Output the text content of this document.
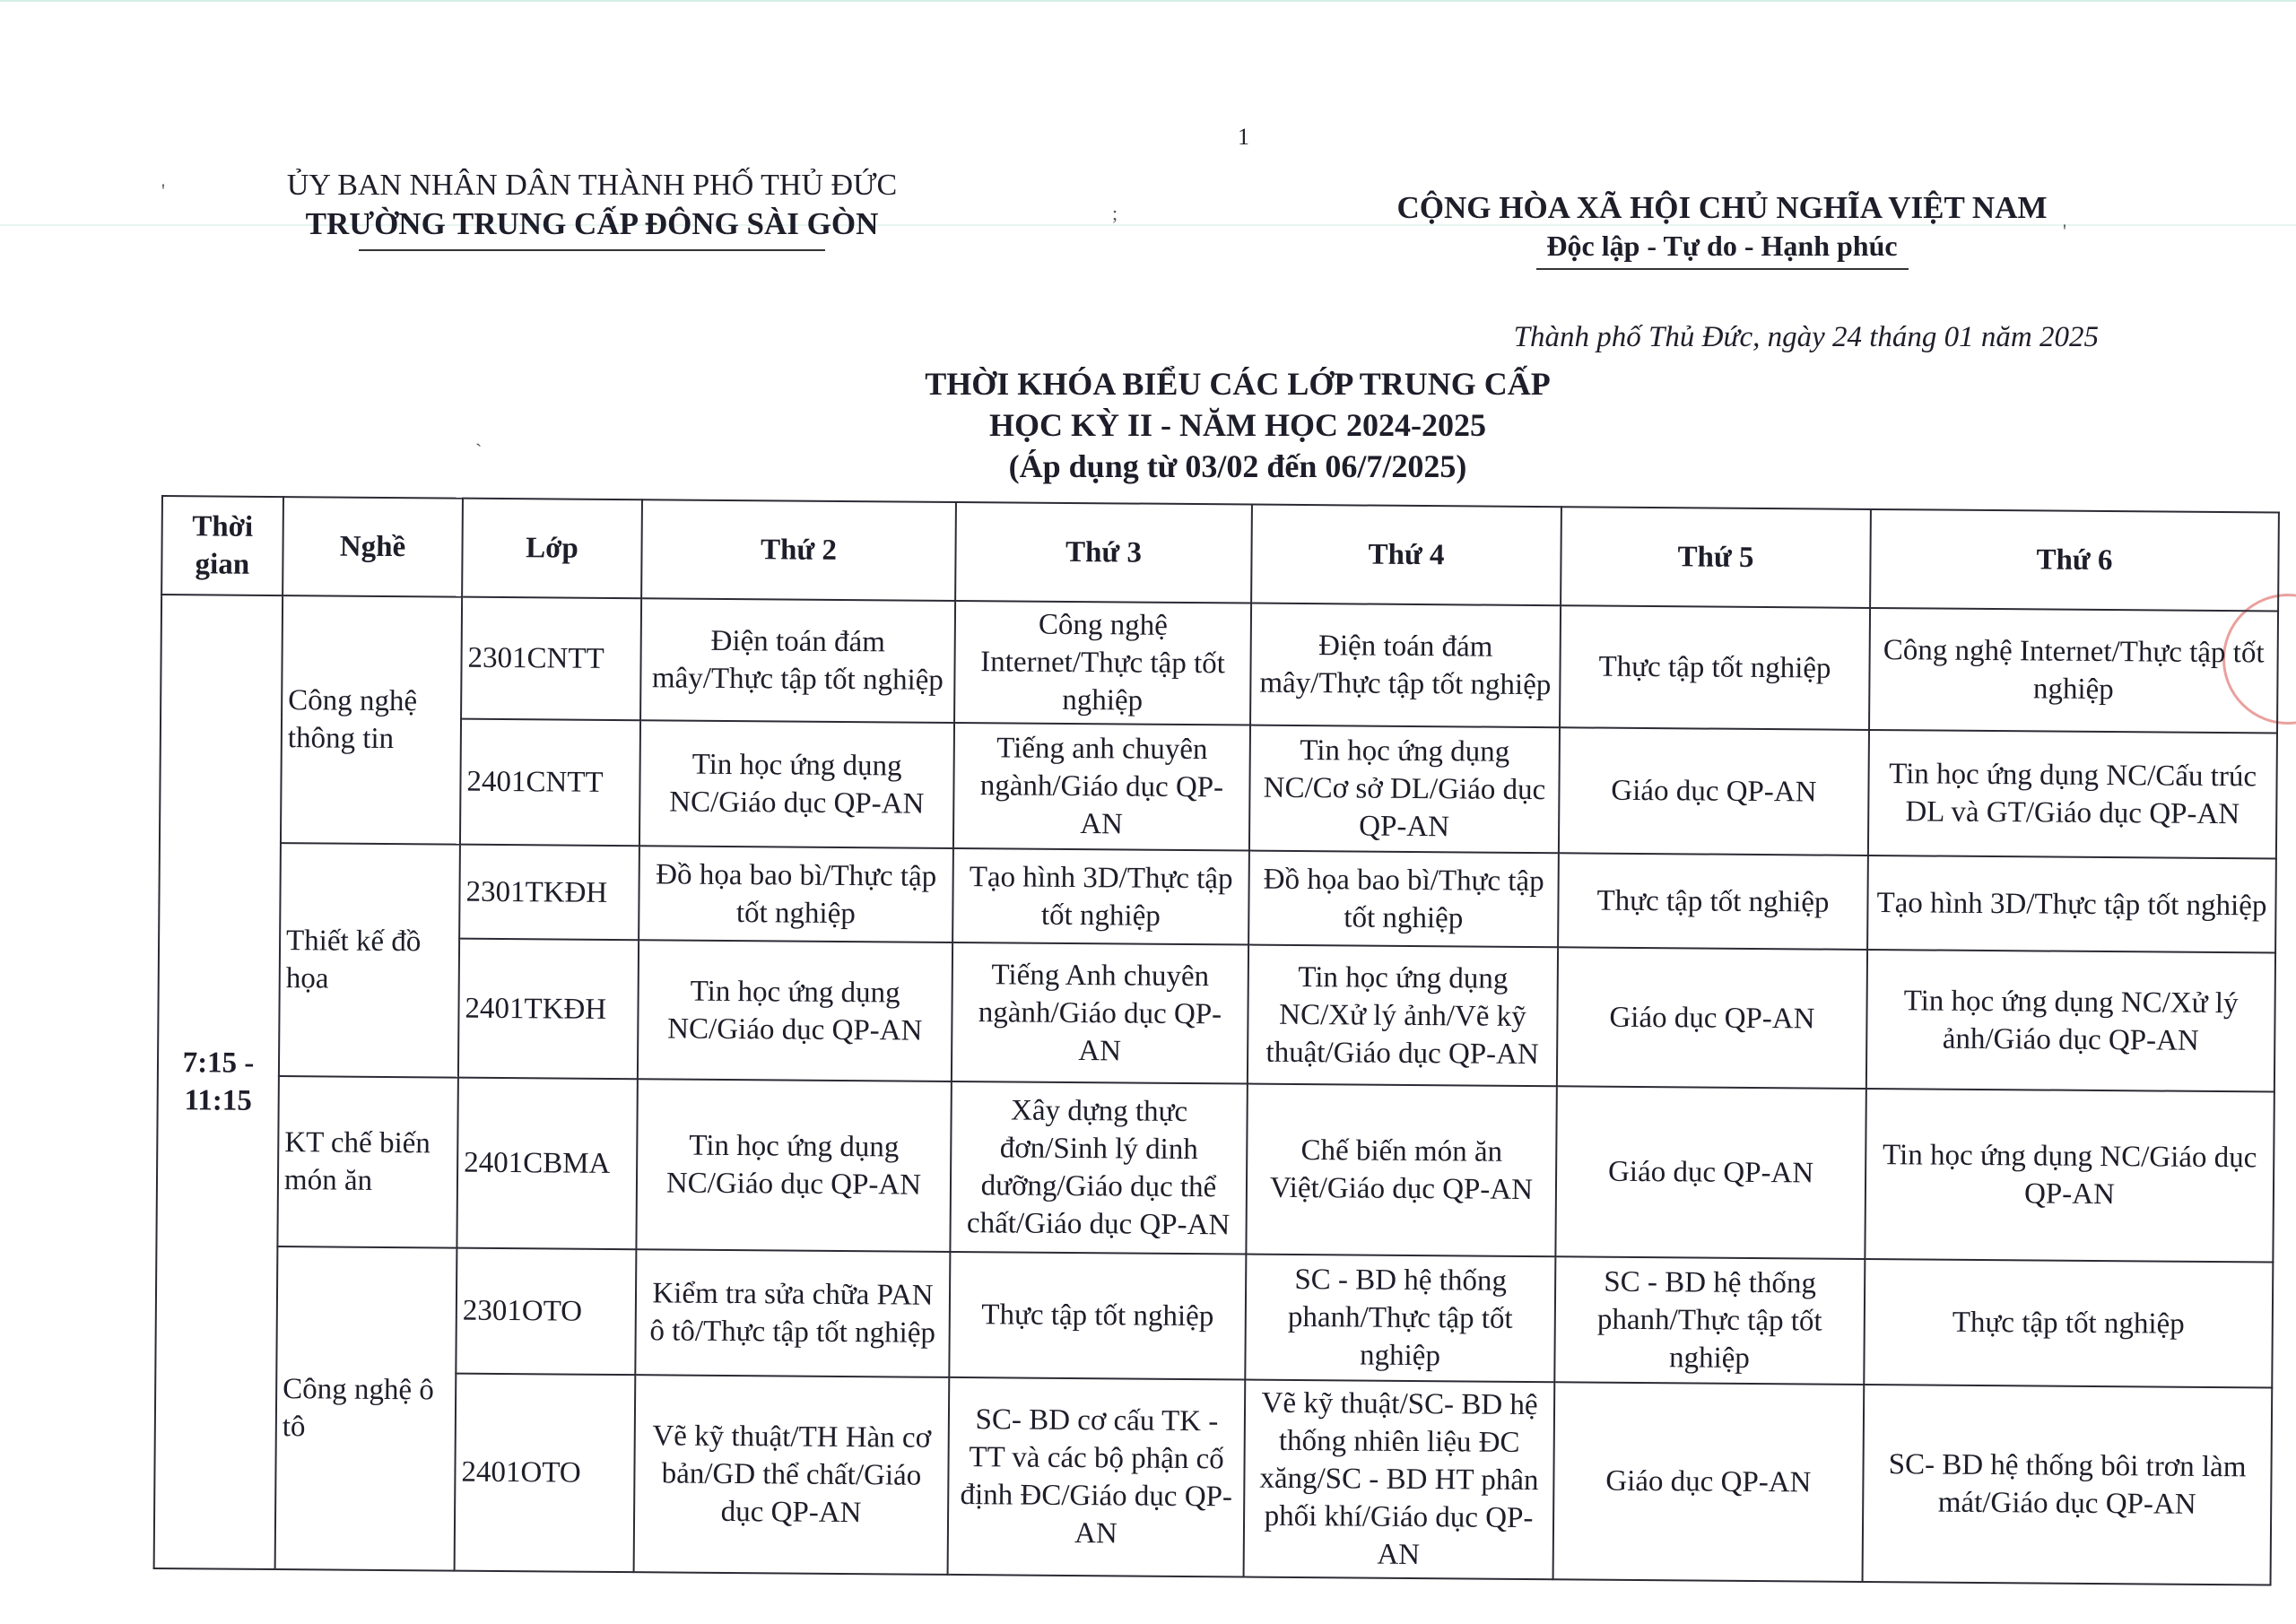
1
'
;
'
`
ỦY BAN NHÂN DÂN THÀNH PHỐ THỦ ĐỨC
TRƯỜNG TRUNG CẤP ĐÔNG SÀI GÒN	CỘNG HÒA XÃ HỘI CHỦ NGHĨA VIỆT NAM
Độc lập - Tự do - Hạnh phúc
Thành phố Thủ Đức, ngày 24 tháng 01 năm 2025
THỜI KHÓA BIỂU CÁC LỚP TRUNG CẤP
HỌC KỲ II - NĂM HỌC 2024-2025
(Áp dụng từ 03/02 đến 06/7/2025)
Thời gian	Nghề	Lớp	Thứ 2	Thứ 3	Thứ 4	Thứ 5	Thứ 6
7:15 - 11:15	Công nghệ thông tin	2301CNTT	Điện toán đám mây/Thực tập tốt nghiệp	Công nghệ Internet/Thực tập tốt nghiệp	Điện toán đám mây/Thực tập tốt nghiệp	Thực tập tốt nghiệp	Công nghệ Internet/Thực tập tốt nghiệp
		2401CNTT	Tin học ứng dụng NC/Giáo dục QP-AN	Tiếng anh chuyên ngành/Giáo dục QP-AN	Tin học ứng dụng NC/Cơ sở DL/Giáo dục QP-AN	Giáo dục QP-AN	Tin học ứng dụng NC/Cấu trúc DL và GT/Giáo dục QP-AN
	Thiết kế đồ họa	2301TKĐH	Đồ họa bao bì/Thực tập tốt nghiệp	Tạo hình 3D/Thực tập tốt nghiệp	Đồ họa bao bì/Thực tập tốt nghiệp	Thực tập tốt nghiệp	Tạo hình 3D/Thực tập tốt nghiệp
		2401TKĐH	Tin học ứng dụng NC/Giáo dục QP-AN	Tiếng Anh chuyên ngành/Giáo dục QP-AN	Tin học ứng dụng NC/Xử lý ảnh/Vẽ kỹ thuật/Giáo dục QP-AN	Giáo dục QP-AN	Tin học ứng dụng NC/Xử lý ảnh/Giáo dục QP-AN
	KT chế biến món ăn	2401CBMA	Tin học ứng dụng NC/Giáo dục QP-AN	Xây dựng thực đơn/Sinh lý dinh dưỡng/Giáo dục thể chất/Giáo dục QP-AN	Chế biến món ăn Việt/Giáo dục QP-AN	Giáo dục QP-AN	Tin học ứng dụng NC/Giáo dục QP-AN
	Công nghệ ô tô	2301OTO	Kiểm tra sửa chữa PAN ô tô/Thực tập tốt nghiệp	Thực tập tốt nghiệp	SC - BD hệ thống phanh/Thực tập tốt nghiệp	SC - BD hệ thống phanh/Thực tập tốt nghiệp	Thực tập tốt nghiệp
		2401OTO	Vẽ kỹ thuật/TH Hàn cơ bản/GD thể chất/Giáo dục QP-AN	SC- BD cơ cấu TK - TT và các bộ phận cố định ĐC/Giáo dục QP-AN	Vẽ kỹ thuật/SC- BD hệ thống nhiên liệu ĐC xăng/SC - BD HT phân phối khí/Giáo dục QP-AN	Giáo dục QP-AN	SC- BD hệ thống bôi trơn làm mát/Giáo dục QP-AN
